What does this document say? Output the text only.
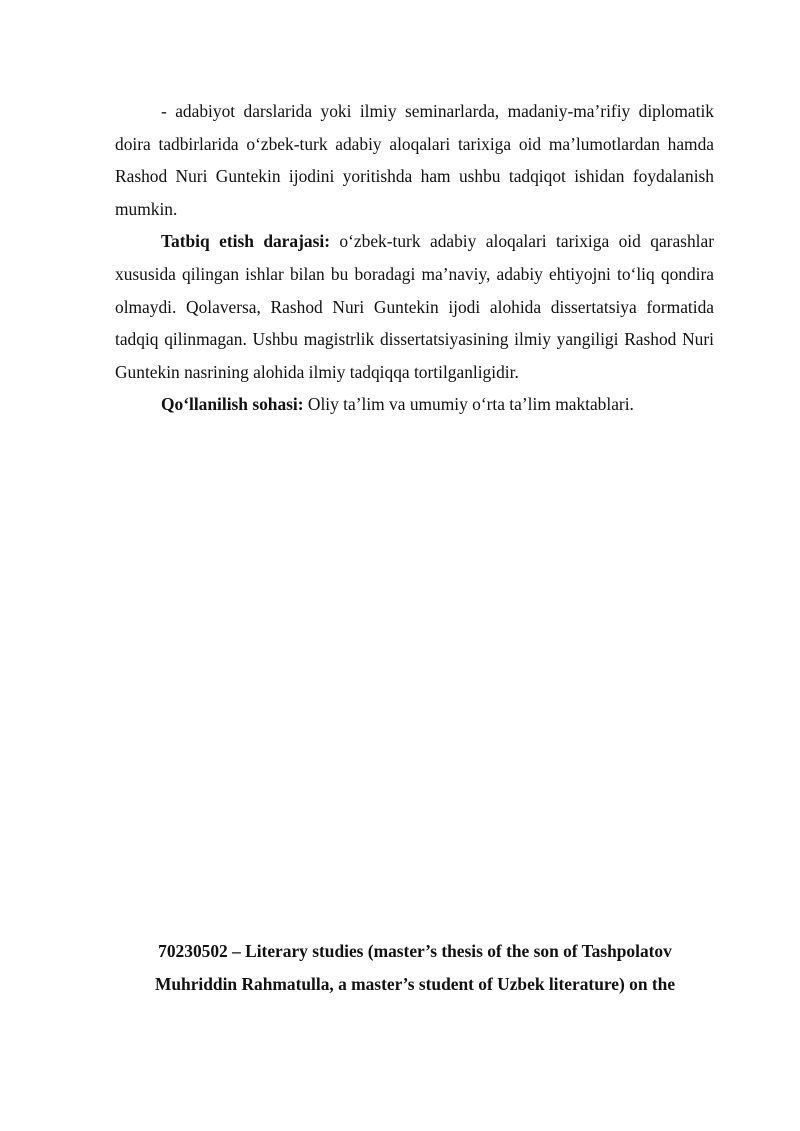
- adabiyot darslarida yoki ilmiy seminarlarda, madaniy-ma’rifiy diplomatik doira tadbirlarida o‘zbek-turk adabiy aloqalari tarixiga oid ma’lumotlardan hamda Rashod Nuri Guntekin ijodini yoritishda ham ushbu tadqiqot ishidan foydalanish mumkin.

Tatbiq etish darajasi: o‘zbek-turk adabiy aloqalari tarixiga oid qarashlar xususida qilingan ishlar bilan bu boradagi ma’naviy, adabiy ehtiyojni to‘liq qondira olmaydi. Qolaversa, Rashod Nuri Guntekin ijodi alohida dissertatsiya formatida tadqiq qilinmagan. Ushbu magistrlik dissertatsiyasining ilmiy yangiligi Rashod Nuri Guntekin nasrining alohida ilmiy tadqiqqa tortilganligidir.

Qo‘llanilish sohasi: Oliy ta’lim va umumiy o‘rta ta’lim maktablari.

70230502 – Literary studies (master’s thesis of the son of Tashpolatov
Muhriddin Rahmatulla, a master’s student of Uzbek literature) on the
